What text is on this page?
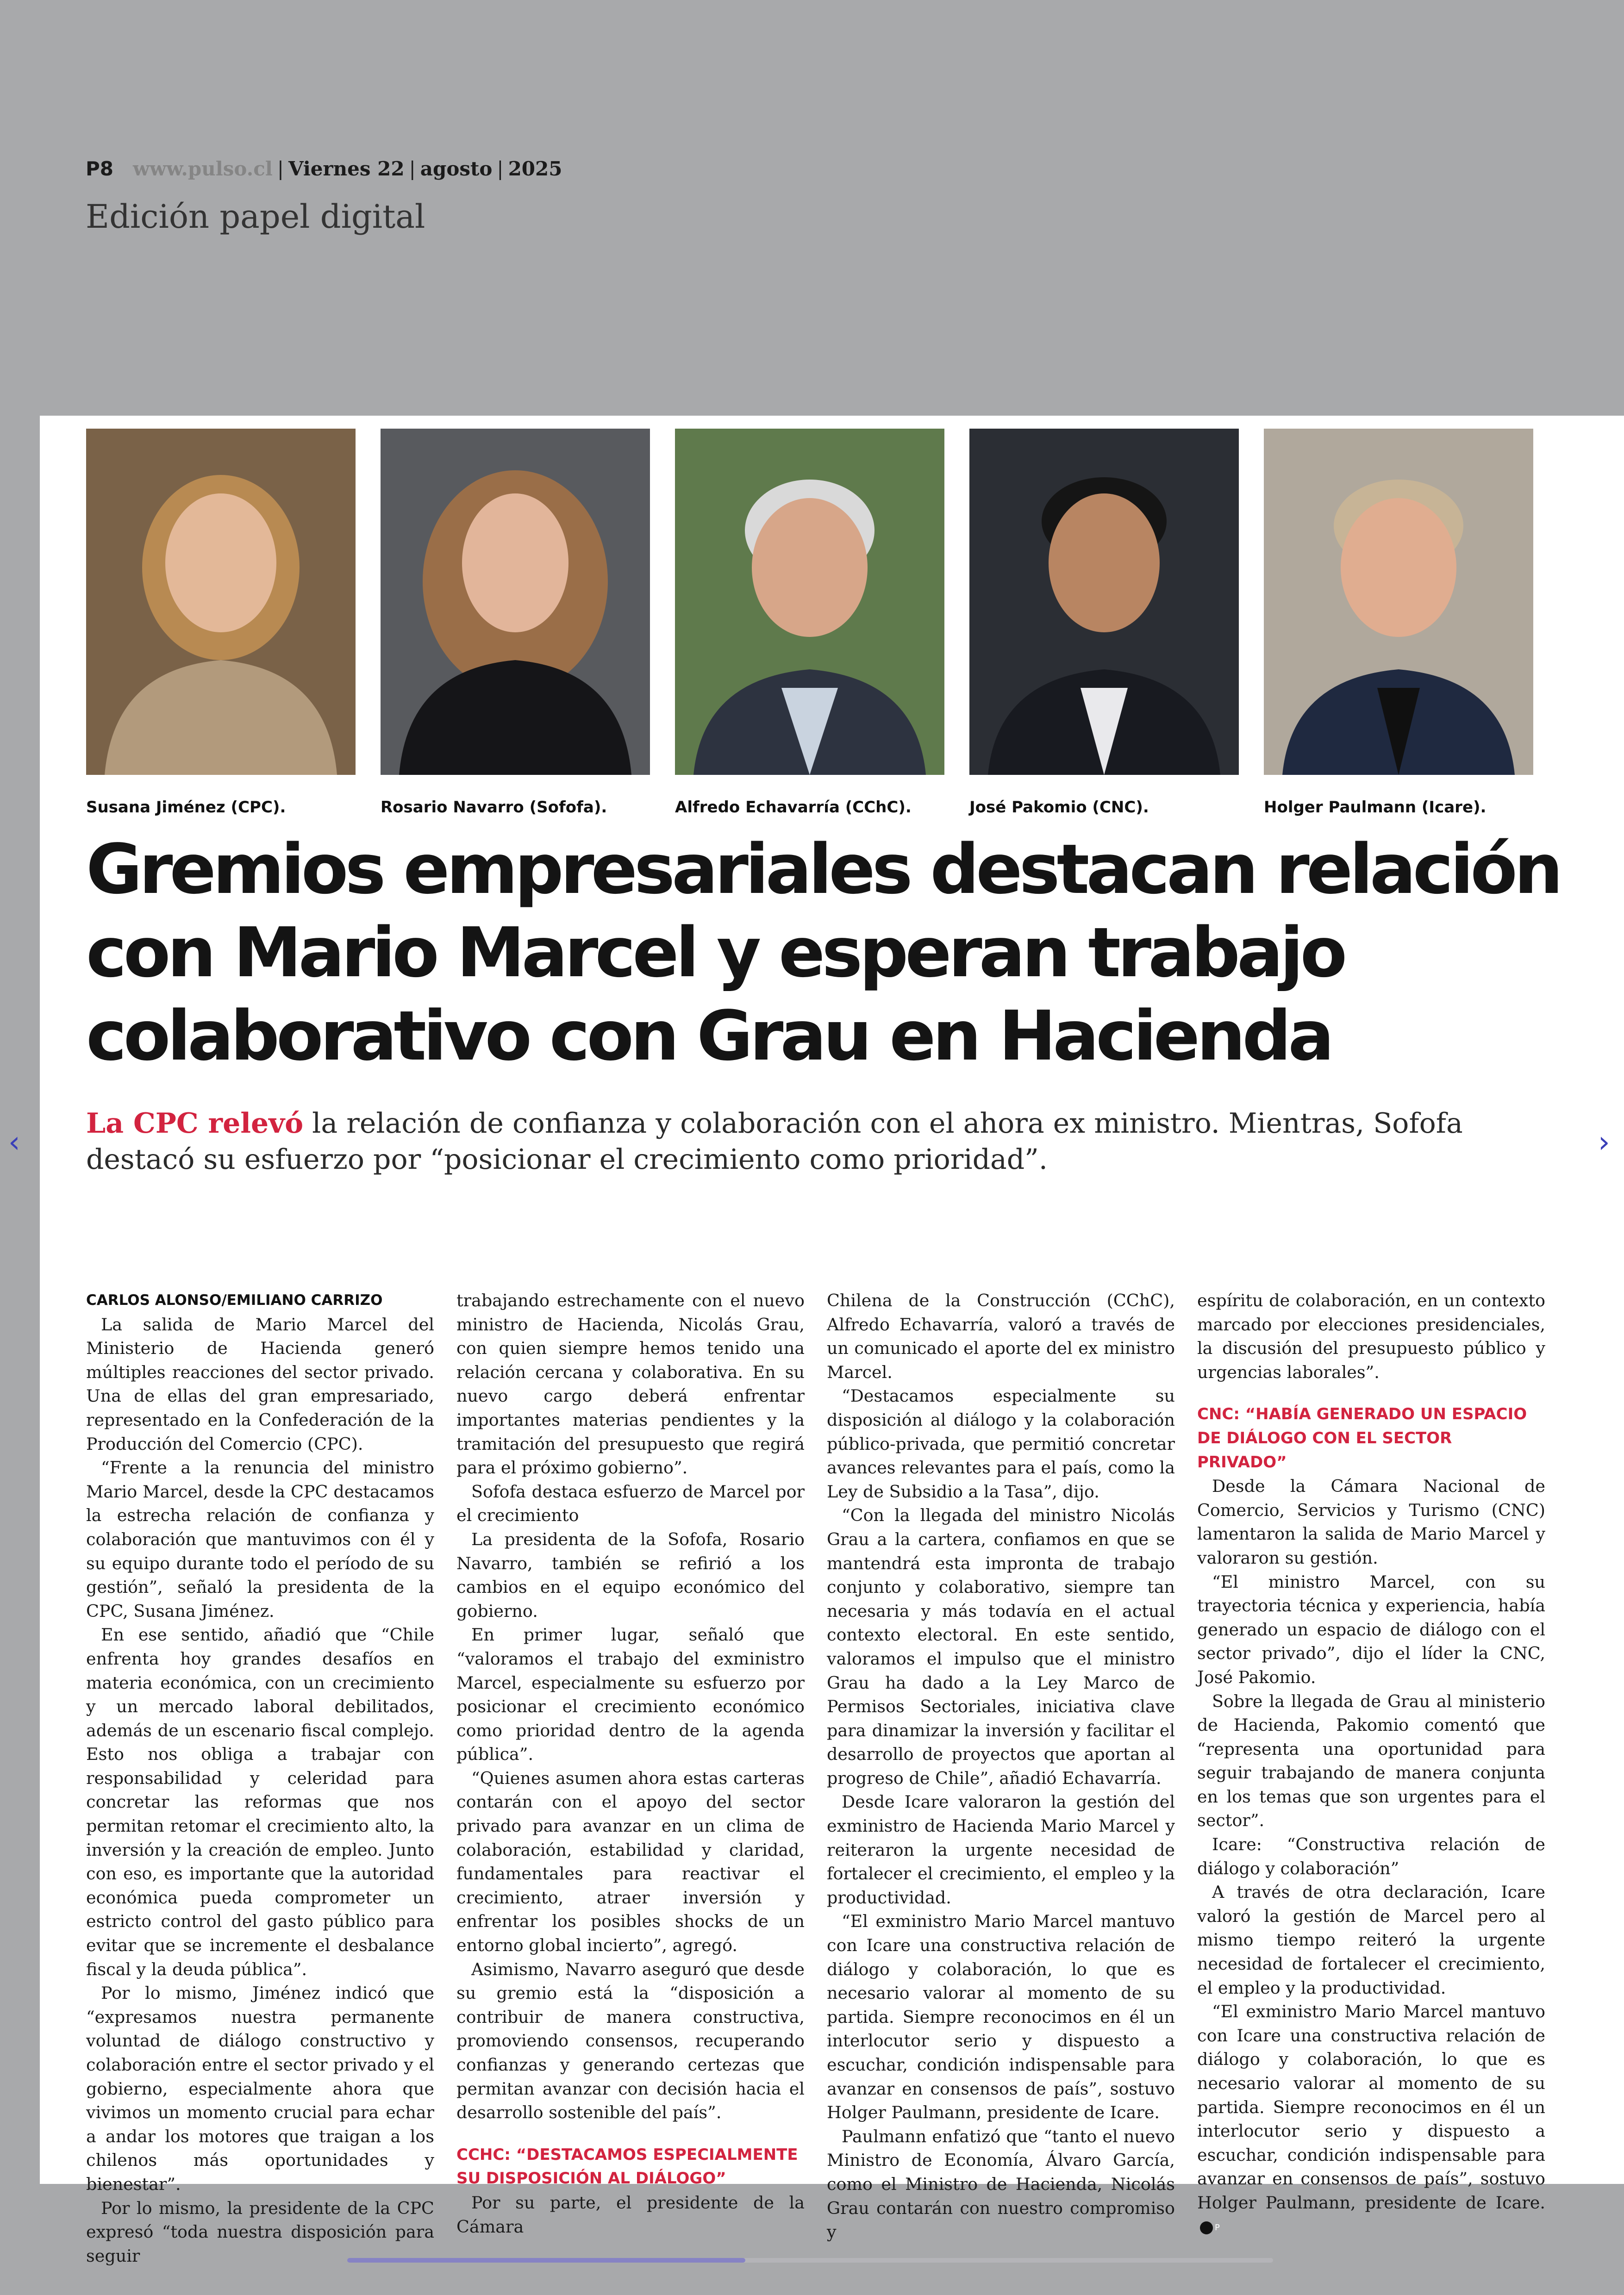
P8 www.pulso.cl | Viernes 22 | agosto | 2025
Edición papel digital
Susana Jiménez (CPC).	Rosario Navarro (Sofofa).	Alfredo Echavarría (CChC).	José Pakomio (CNC).	Holger Paulmann (Icare).
Gremios empresariales destacan relación con Mario Marcel y esperan trabajo colaborativo con Grau en Hacienda

La CPC relevó la relación de confianza y colaboración con el ahora ex ministro. Mientras, Sofofa destacó su esfuerzo por “posicionar el crecimiento como prioridad”.

CARLOS ALONSO/EMILIANO CARRIZO

La salida de Mario Marcel del Ministerio de Hacienda generó múltiples reacciones del sector privado. Una de ellas del gran empresariado, representado en la Confederación de la Producción del Comercio (CPC).

“Frente a la renuncia del ministro Mario Marcel, desde la CPC destacamos la estrecha relación de confianza y colaboración que mantuvimos con él y su equipo durante todo el período de su gestión”, señaló la presidenta de la CPC, Susana Jiménez.

En ese sentido, añadió que “Chile enfrenta hoy grandes desafíos en materia económica, con un crecimiento y un mercado laboral debilitados, además de un escenario fiscal complejo. Esto nos obliga a trabajar con responsabilidad y celeridad para concretar las reformas que nos permitan retomar el crecimiento alto, la inversión y la creación de empleo. Junto con eso, es importante que la autoridad económica pueda comprometer un estricto control del gasto público para evitar que se incremente el desbalance fiscal y la deuda pública”.

Por lo mismo, Jiménez indicó que “expresamos nuestra permanente voluntad de diálogo constructivo y colaboración entre el sector privado y el gobierno, especialmente ahora que vivimos un momento crucial para echar a andar los motores que traigan a los chilenos más oportunidades y bienestar”.

Por lo mismo, la presidente de la CPC expresó “toda nuestra disposición para seguir

trabajando estrechamente con el nuevo ministro de Hacienda, Nicolás Grau, con quien siempre hemos tenido una relación cercana y colaborativa. En su nuevo cargo deberá enfrentar importantes materias pendientes y la tramitación del presupuesto que regirá para el próximo gobierno”.

Sofofa destaca esfuerzo de Marcel por el crecimiento

La presidenta de la Sofofa, Rosario Navarro, también se refirió a los cambios en el equipo económico del gobierno.

En primer lugar, señaló que “valoramos el trabajo del exministro Marcel, especialmente su esfuerzo por posicionar el crecimiento económico como prioridad dentro de la agenda pública”.

“Quienes asumen ahora estas carteras contarán con el apoyo del sector privado para avanzar en un clima de colaboración, estabilidad y claridad, fundamentales para reactivar el crecimiento, atraer inversión y enfrentar los posibles shocks de un entorno global incierto”, agregó.

Asimismo, Navarro aseguró que desde su gremio está la “disposición a contribuir de manera constructiva, promoviendo consensos, recuperando confianzas y generando certezas que permitan avanzar con decisión hacia el desarrollo sostenible del país”.

CCHC: “DESTACAMOS ESPECIALMENTE SU DISPOSICIÓN AL DIÁLOGO”

Por su parte, el presidente de la Cámara

Chilena de la Construcción (CChC), Alfredo Echavarría, valoró a través de un comunicado el aporte del ex ministro Marcel.

“Destacamos especialmente su disposición al diálogo y la colaboración público-privada, que permitió concretar avances relevantes para el país, como la Ley de Subsidio a la Tasa”, dijo.

“Con la llegada del ministro Nicolás Grau a la cartera, confiamos en que se mantendrá esta impronta de trabajo conjunto y colaborativo, siempre tan necesaria y más todavía en el actual contexto electoral. En este sentido, valoramos el impulso que el ministro Grau ha dado a la Ley Marco de Permisos Sectoriales, iniciativa clave para dinamizar la inversión y facilitar el desarrollo de proyectos que aportan al progreso de Chile”, añadió Echavarría.

Desde Icare valoraron la gestión del exministro de Hacienda Mario Marcel y reiteraron la urgente necesidad de fortalecer el crecimiento, el empleo y la productividad.

“El exministro Mario Marcel mantuvo con Icare una constructiva relación de diálogo y colaboración, lo que es necesario valorar al momento de su partida. Siempre reconocimos en él un interlocutor serio y dispuesto a escuchar, condición indispensable para avanzar en consensos de país”, sostuvo Holger Paulmann, presidente de Icare.

Paulmann enfatizó que “tanto el nuevo Ministro de Economía, Álvaro García, como el Ministro de Hacienda, Nicolás Grau contarán con nuestro compromiso y

espíritu de colaboración, en un contexto marcado por elecciones presidenciales, la discusión del presupuesto público y urgencias laborales”.

CNC: “HABÍA GENERADO UN ESPACIO DE DIÁLOGO CON EL SECTOR PRIVADO”

Desde la Cámara Nacional de Comercio, Servicios y Turismo (CNC) lamentaron la salida de Mario Marcel y valoraron su gestión.

“El ministro Marcel, con su trayectoria técnica y experiencia, había generado un espacio de diálogo con el sector privado”, dijo el líder la CNC, José Pakomio.

Sobre la llegada de Grau al ministerio de Hacienda, Pakomio comentó que “representa una oportunidad para seguir trabajando de manera conjunta en los temas que son urgentes para el sector”.

Icare: “Constructiva relación de diálogo y colaboración”

A través de otra declaración, Icare valoró la gestión de Marcel pero al mismo tiempo reiteró la urgente necesidad de fortalecer el crecimiento, el empleo y la productividad.

“El exministro Mario Marcel mantuvo con Icare una constructiva relación de diálogo y colaboración, lo que es necesario valorar al momento de su partida. Siempre reconocimos en él un interlocutor serio y dispuesto a escuchar, condición indispensable para avanzar en consensos de país”, sostuvo Holger Paulmann, presidente de Icare.P

‹	›
